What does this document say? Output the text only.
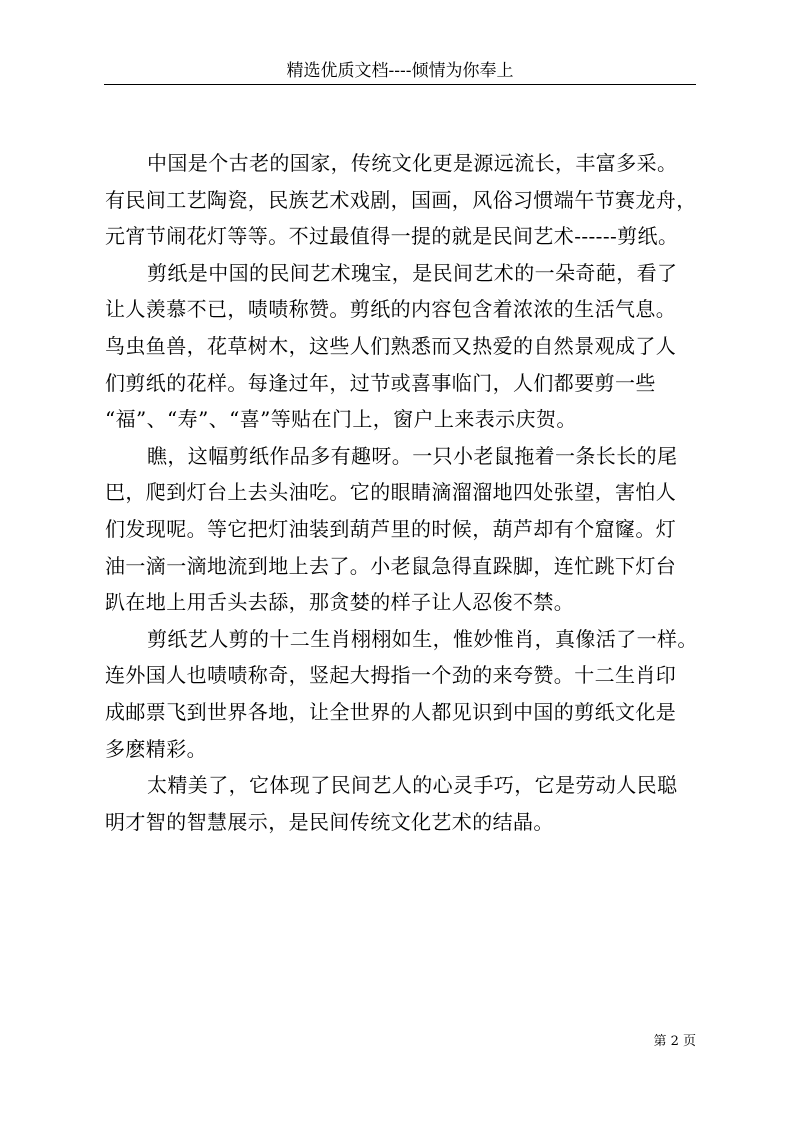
精选优质文档----倾情为你奉上
中国是个古老的国家，传统文化更是源远流长，丰富多采。
有民间工艺陶瓷，民族艺术戏剧，国画，风俗习惯端午节赛龙舟，
元宵节闹花灯等等。不过最值得一提的就是民间艺术------剪纸。
剪纸是中国的民间艺术瑰宝，是民间艺术的一朵奇葩，看了
让人羡慕不已，啧啧称赞。剪纸的内容包含着浓浓的生活气息。
鸟虫鱼兽，花草树木，这些人们熟悉而又热爱的自然景观成了人
们剪纸的花样。每逢过年，过节或喜事临门，人们都要剪一些
“福”、“寿”、“喜”等贴在门上，窗户上来表示庆贺。
瞧，这幅剪纸作品多有趣呀。一只小老鼠拖着一条长长的尾
巴，爬到灯台上去头油吃。它的眼睛滴溜溜地四处张望，害怕人
们发现呢。等它把灯油装到葫芦里的时候，葫芦却有个窟窿。灯
油一滴一滴地流到地上去了。小老鼠急得直跺脚，连忙跳下灯台
趴在地上用舌头去舔，那贪婪的样子让人忍俊不禁。
剪纸艺人剪的十二生肖栩栩如生，惟妙惟肖，真像活了一样。
连外国人也啧啧称奇，竖起大拇指一个劲的来夸赞。十二生肖印
成邮票飞到世界各地，让全世界的人都见识到中国的剪纸文化是
多麽精彩。
太精美了，它体现了民间艺人的心灵手巧，它是劳动人民聪
明才智的智慧展示，是民间传统文化艺术的结晶。
第 2 页
